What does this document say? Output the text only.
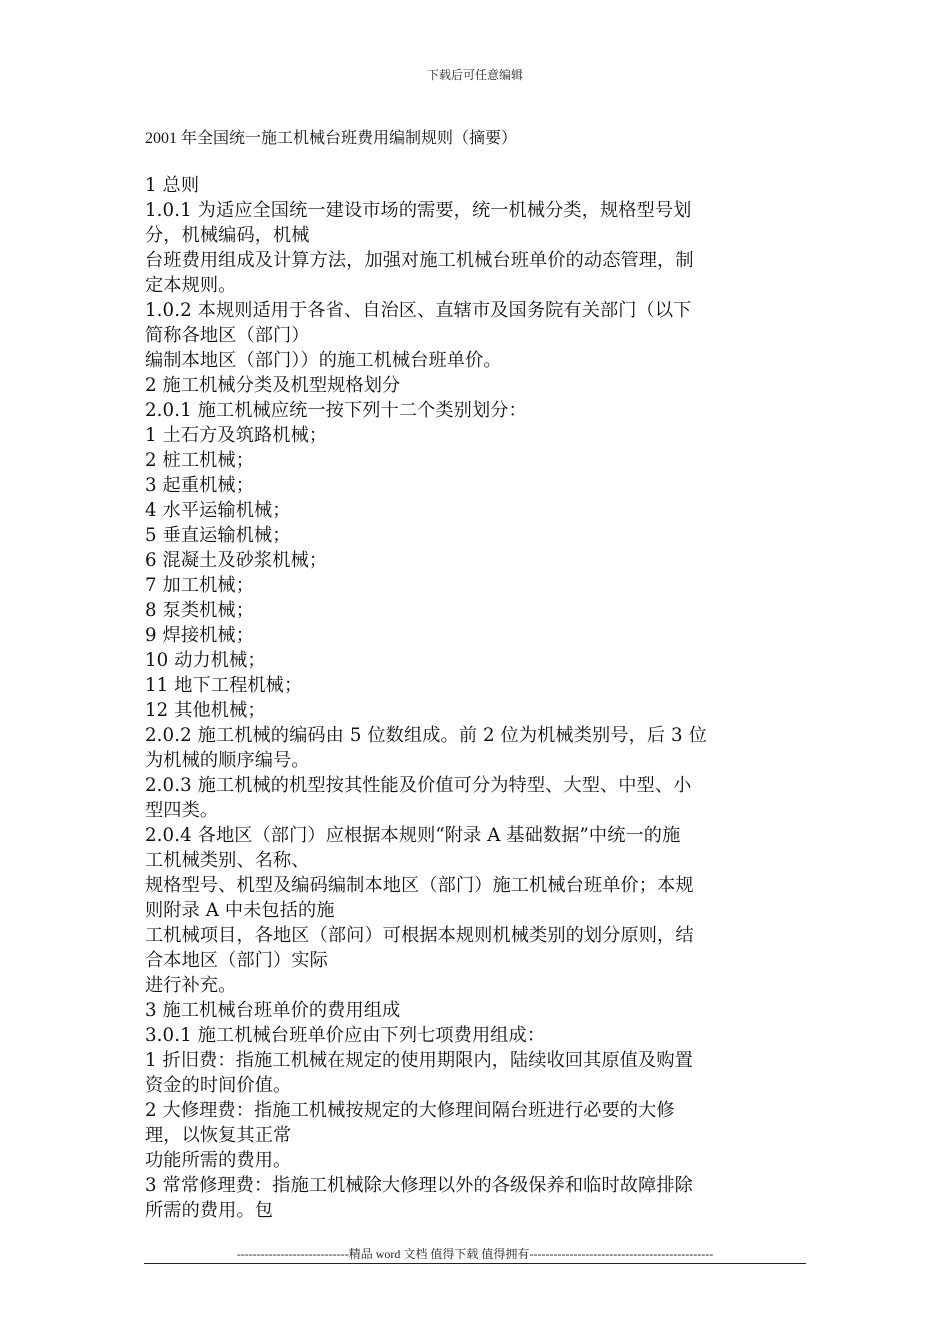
下载后可任意编辑
2001 年全国统一施工机械台班费用编制规则（摘要）
1 总则
1.0.1 为适应全国统一建设市场的需要，统一机械分类，规格型号划
分，机械编码，机械
台班费用组成及计算方法，加强对施工机械台班单价的动态管理，制
定本规则。
1.0.2 本规则适用于各省、自治区、直辖市及国务院有关部门（以下
简称各地区（部门）
编制本地区（部门））的施工机械台班单价。
2 施工机械分类及机型规格划分
2.0.1 施工机械应统一按下列十二个类别划分：
1 土石方及筑路机械；
2 桩工机械；
3 起重机械；
4 水平运输机械；
5 垂直运输机械；
6 混凝土及砂浆机械；
7 加工机械；
8 泵类机械；
9 焊接机械；
10 动力机械；
11 地下工程机械；
12 其他机械；
2.0.2 施工机械的编码由 5 位数组成。前 2 位为机械类别号，后 3 位
为机械的顺序编号。
2.0.3 施工机械的机型按其性能及价值可分为特型、大型、中型、小
型四类。
2.0.4 各地区（部门）应根据本规则“附录 A 基础数据”中统一的施
工机械类别、名称、
规格型号、机型及编码编制本地区（部门）施工机械台班单价；本规
则附录 A 中未包括的施
工机械项目，各地区（部问）可根据本规则机械类别的划分原则，结
合本地区（部门）实际
进行补充。
3 施工机械台班单价的费用组成
3.0.1 施工机械台班单价应由下列七项费用组成：
1 折旧费：指施工机械在规定的使用期限内，陆续收回其原值及购置
资金的时间价值。
2 大修理费：指施工机械按规定的大修理间隔台班进行必要的大修
理，以恢复其正常
功能所需的费用。
3 常常修理费：指施工机械除大修理以外的各级保养和临时故障排除
所需的费用。包
----------------------------精品 word 文档 值得下载 值得拥有----------------------------------------------
